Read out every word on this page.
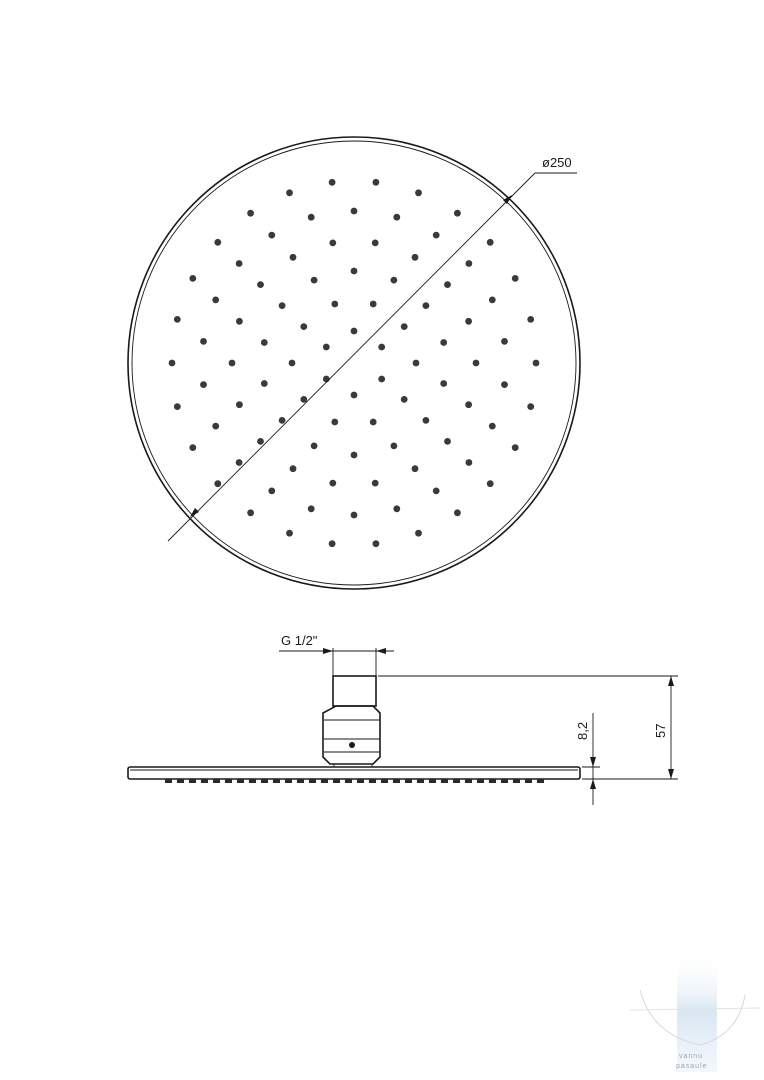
ø250
G 1/2"
57
8,2
vannu
pasaule
